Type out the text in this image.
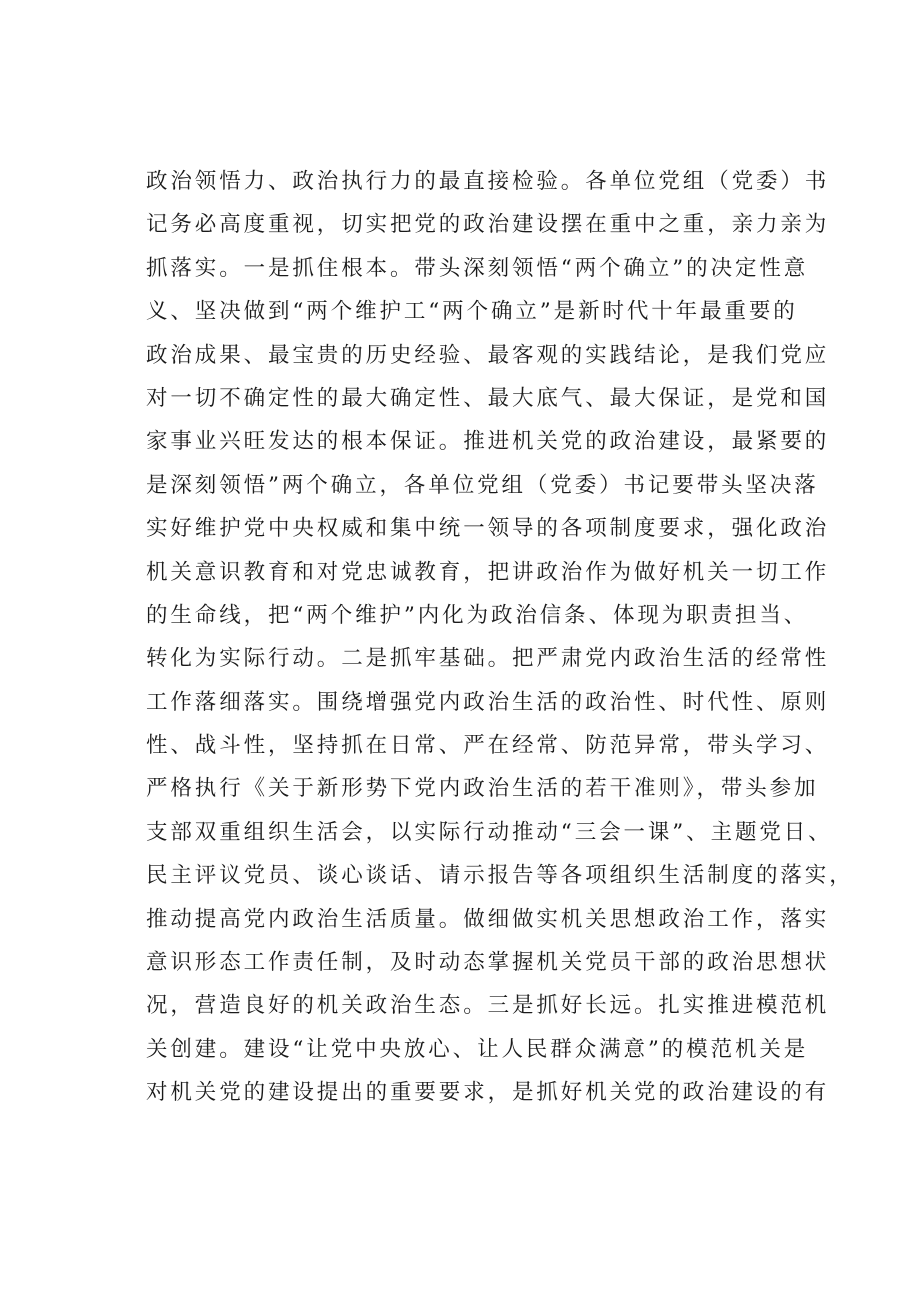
政治领悟力、政治执行力的最直接检验。各单位党组（党委）书
记务必高度重视，切实把党的政治建设摆在重中之重，亲力亲为
抓落实。一是抓住根本。带头深刻领悟“两个确立”的决定性意
义、坚决做到“两个维护工“两个确立”是新时代十年最重要的
政治成果、最宝贵的历史经验、最客观的实践结论，是我们党应
对一切不确定性的最大确定性、最大底气、最大保证，是党和国
家事业兴旺发达的根本保证。推进机关党的政治建设，最紧要的
是深刻领悟”两个确立，各单位党组（党委）书记要带头坚决落
实好维护党中央权威和集中统一领导的各项制度要求，强化政治
机关意识教育和对党忠诚教育，把讲政治作为做好机关一切工作
的生命线，把“两个维护”内化为政治信条、体现为职责担当、
转化为实际行动。二是抓牢基础。把严肃党内政治生活的经常性
工作落细落实。围绕增强党内政治生活的政治性、时代性、原则
性、战斗性，坚持抓在日常、严在经常、防范异常，带头学习、
严格执行《关于新形势下党内政治生活的若干准则》，带头参加
支部双重组织生活会，以实际行动推动“三会一课”、主题党日、
民主评议党员、谈心谈话、请示报告等各项组织生活制度的落实，
推动提高党内政治生活质量。做细做实机关思想政治工作，落实
意识形态工作责任制，及时动态掌握机关党员干部的政治思想状
况，营造良好的机关政治生态。三是抓好长远。扎实推进模范机
关创建。建设“让党中央放心、让人民群众满意”的模范机关是
对机关党的建设提出的重要要求，是抓好机关党的政治建设的有
